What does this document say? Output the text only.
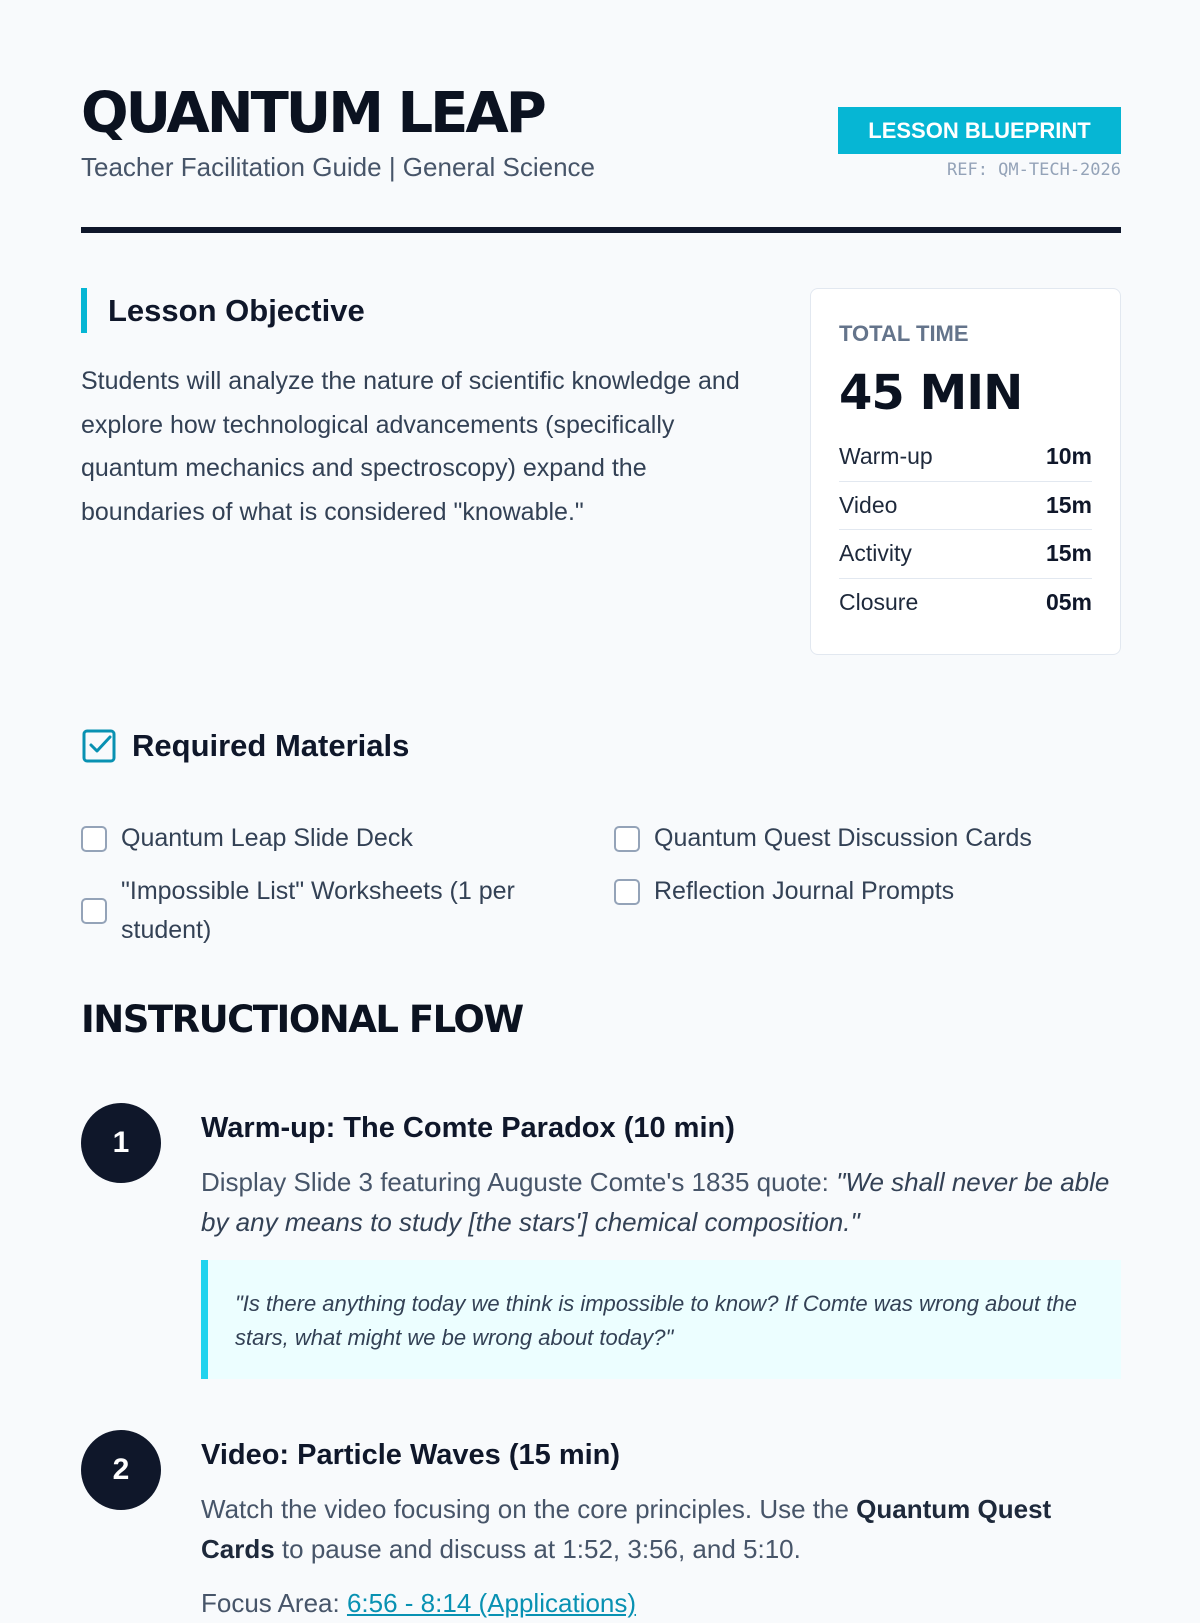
QUANTUM LEAP
Teacher Facilitation Guide | General Science
LESSON BLUEPRINT
REF: QM-TECH-2026
Lesson Objective

Students will analyze the nature of scientific knowledge and explore how technological advancements (specifically quantum mechanics and spectroscopy) expand the boundaries of what is considered "knowable."

TOTAL TIME
45 MIN
Warm-up	10m
Video	15m
Activity	15m
Closure	05m
Required Materials
Quantum Leap Slide Deck	Quantum Quest Discussion Cards
"Impossible List" Worksheets (1 per student)
Reflection Journal Prompts
INSTRUCTIONAL FLOW
1	Warm-up: The Comte Paradox (10 min)

Display Slide 3 featuring Auguste Comte's 1835 quote: "We shall never be able by any means to study [the stars'] chemical composition."

"Is there anything today we think is impossible to know? If Comte was wrong about the stars, what might we be wrong about today?"
2	Video: Particle Waves (15 min)

Watch the video focusing on the core principles. Use the Quantum Quest Cards to pause and discuss at 1:52, 3:56, and 5:10.

Focus Area: 6:56 - 8:14 (Applications)
